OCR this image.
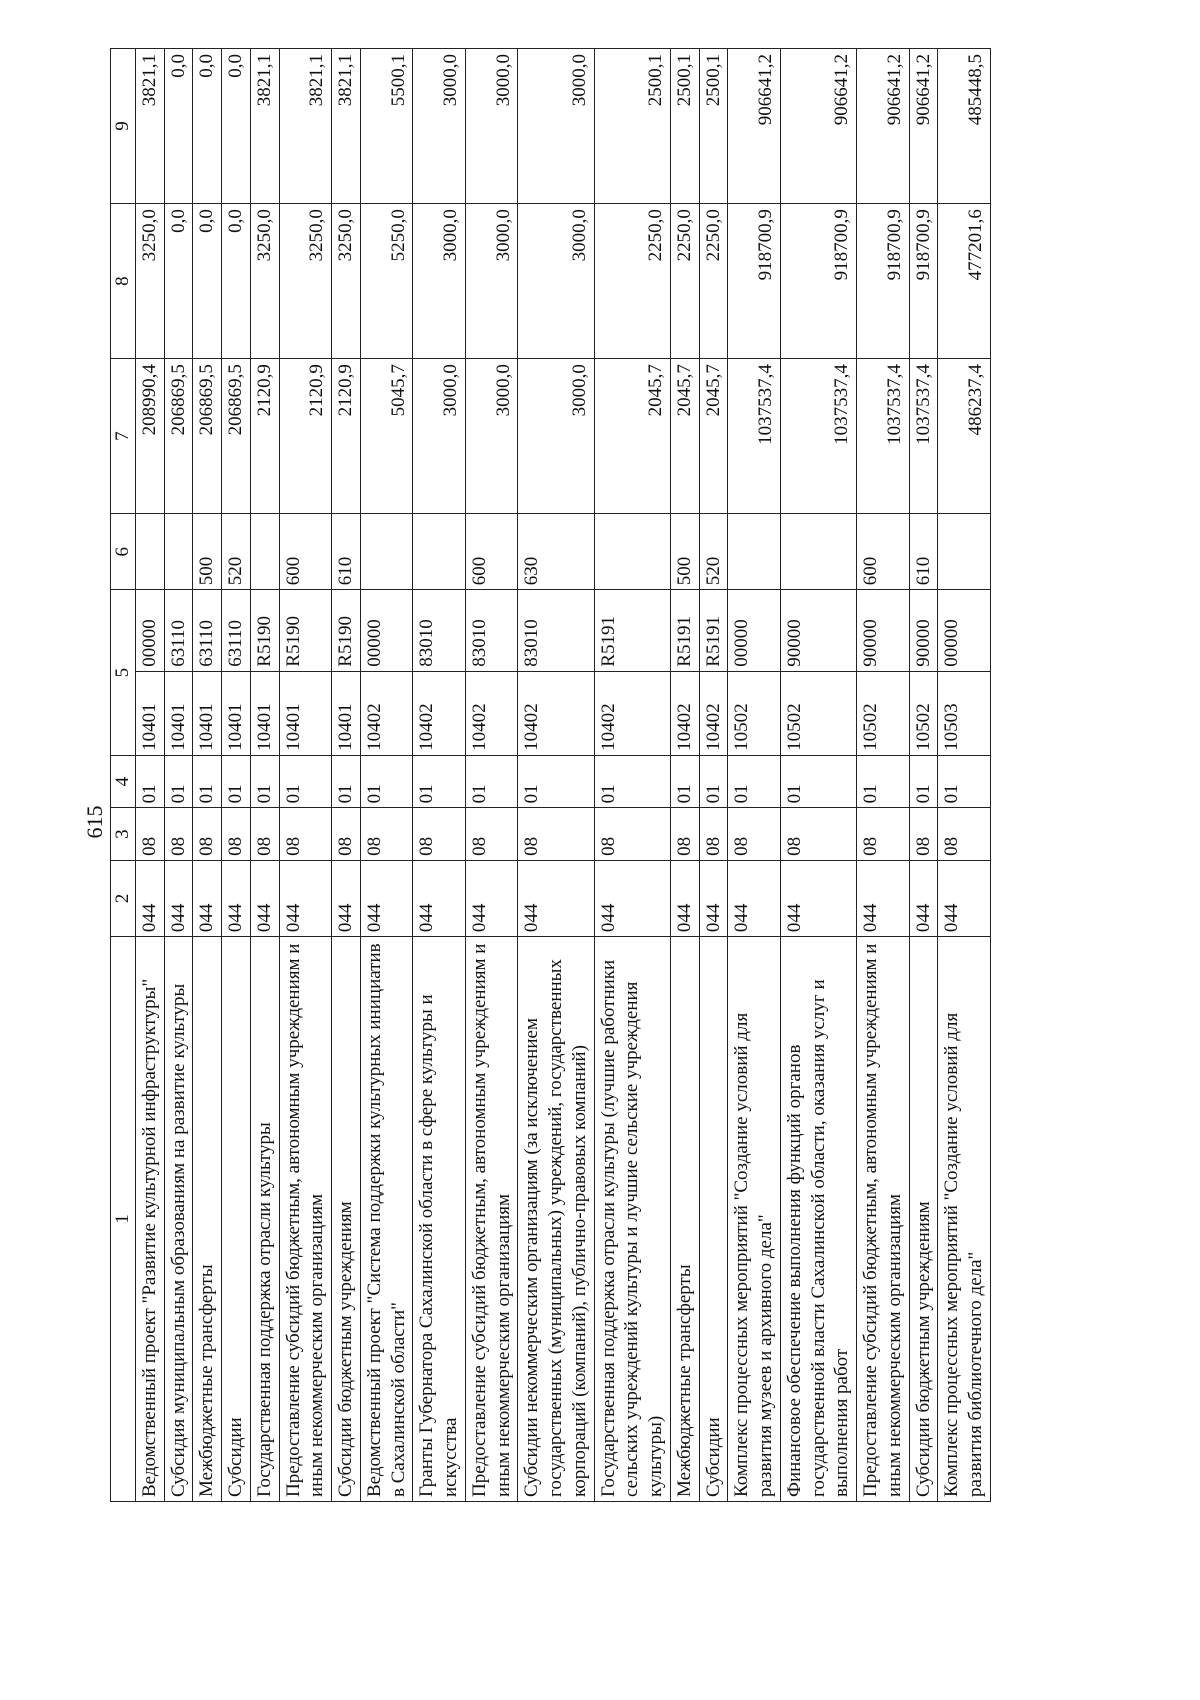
615
1	2	3	4	5		6	7	8	9
Ведомственный проект "Развитие культурной инфраструктуры"	044	08	01	10401	00000		208990,4	3250,0	3821,1
Субсидия муниципальным образованиям на развитие культуры	044	08	01	10401	63110		206869,5	0,0	0,0
Межбюджетные трансферты	044	08	01	10401	63110	500	206869,5	0,0	0,0
Субсидии	044	08	01	10401	63110	520	206869,5	0,0	0,0
Государственная поддержка отрасли культуры	044	08	01	10401	R5190		2120,9	3250,0	3821,1
Предоставление субсидий бюджетным, автономным учреждениям и иным некоммерческим организациям	044	08	01	10401	R5190	600	2120,9	3250,0	3821,1
Субсидии бюджетным учреждениям	044	08	01	10401	R5190	610	2120,9	3250,0	3821,1
Ведомственный проект "Система поддержки культурных инициатив в Сахалинской области"	044	08	01	10402	00000		5045,7	5250,0	5500,1
Гранты Губернатора Сахалинской области в сфере культуры и искусства	044	08	01	10402	83010		3000,0	3000,0	3000,0
Предоставление субсидий бюджетным, автономным учреждениям и иным некоммерческим организациям	044	08	01	10402	83010	600	3000,0	3000,0	3000,0
Субсидии некоммерческим организациям (за исключением государственных (муниципальных) учреждений, государственных корпораций (компаний), публично-правовых компаний)	044	08	01	10402	83010	630	3000,0	3000,0	3000,0
Государственная поддержка отрасли культуры (лучшие работники сельских учреждений культуры и лучшие сельские учреждения культуры)	044	08	01	10402	R5191		2045,7	2250,0	2500,1
Межбюджетные трансферты	044	08	01	10402	R5191	500	2045,7	2250,0	2500,1
Субсидии	044	08	01	10402	R5191	520	2045,7	2250,0	2500,1
Комплекс процессных мероприятий "Создание условий для развития музеев и архивного дела"	044	08	01	10502	00000		1037537,4	918700,9	906641,2
Финансовое обеспечение выполнения функций органов государственной власти Сахалинской области, оказания услуг и выполнения работ	044	08	01	10502	90000		1037537,4	918700,9	906641,2
Предоставление субсидий бюджетным, автономным учреждениям и иным некоммерческим организациям	044	08	01	10502	90000	600	1037537,4	918700,9	906641,2
Субсидии бюджетным учреждениям	044	08	01	10502	90000	610	1037537,4	918700,9	906641,2
Комплекс процессных мероприятий "Создание условий для развития библиотечного дела"	044	08	01	10503	00000		486237,4	477201,6	485448,5
